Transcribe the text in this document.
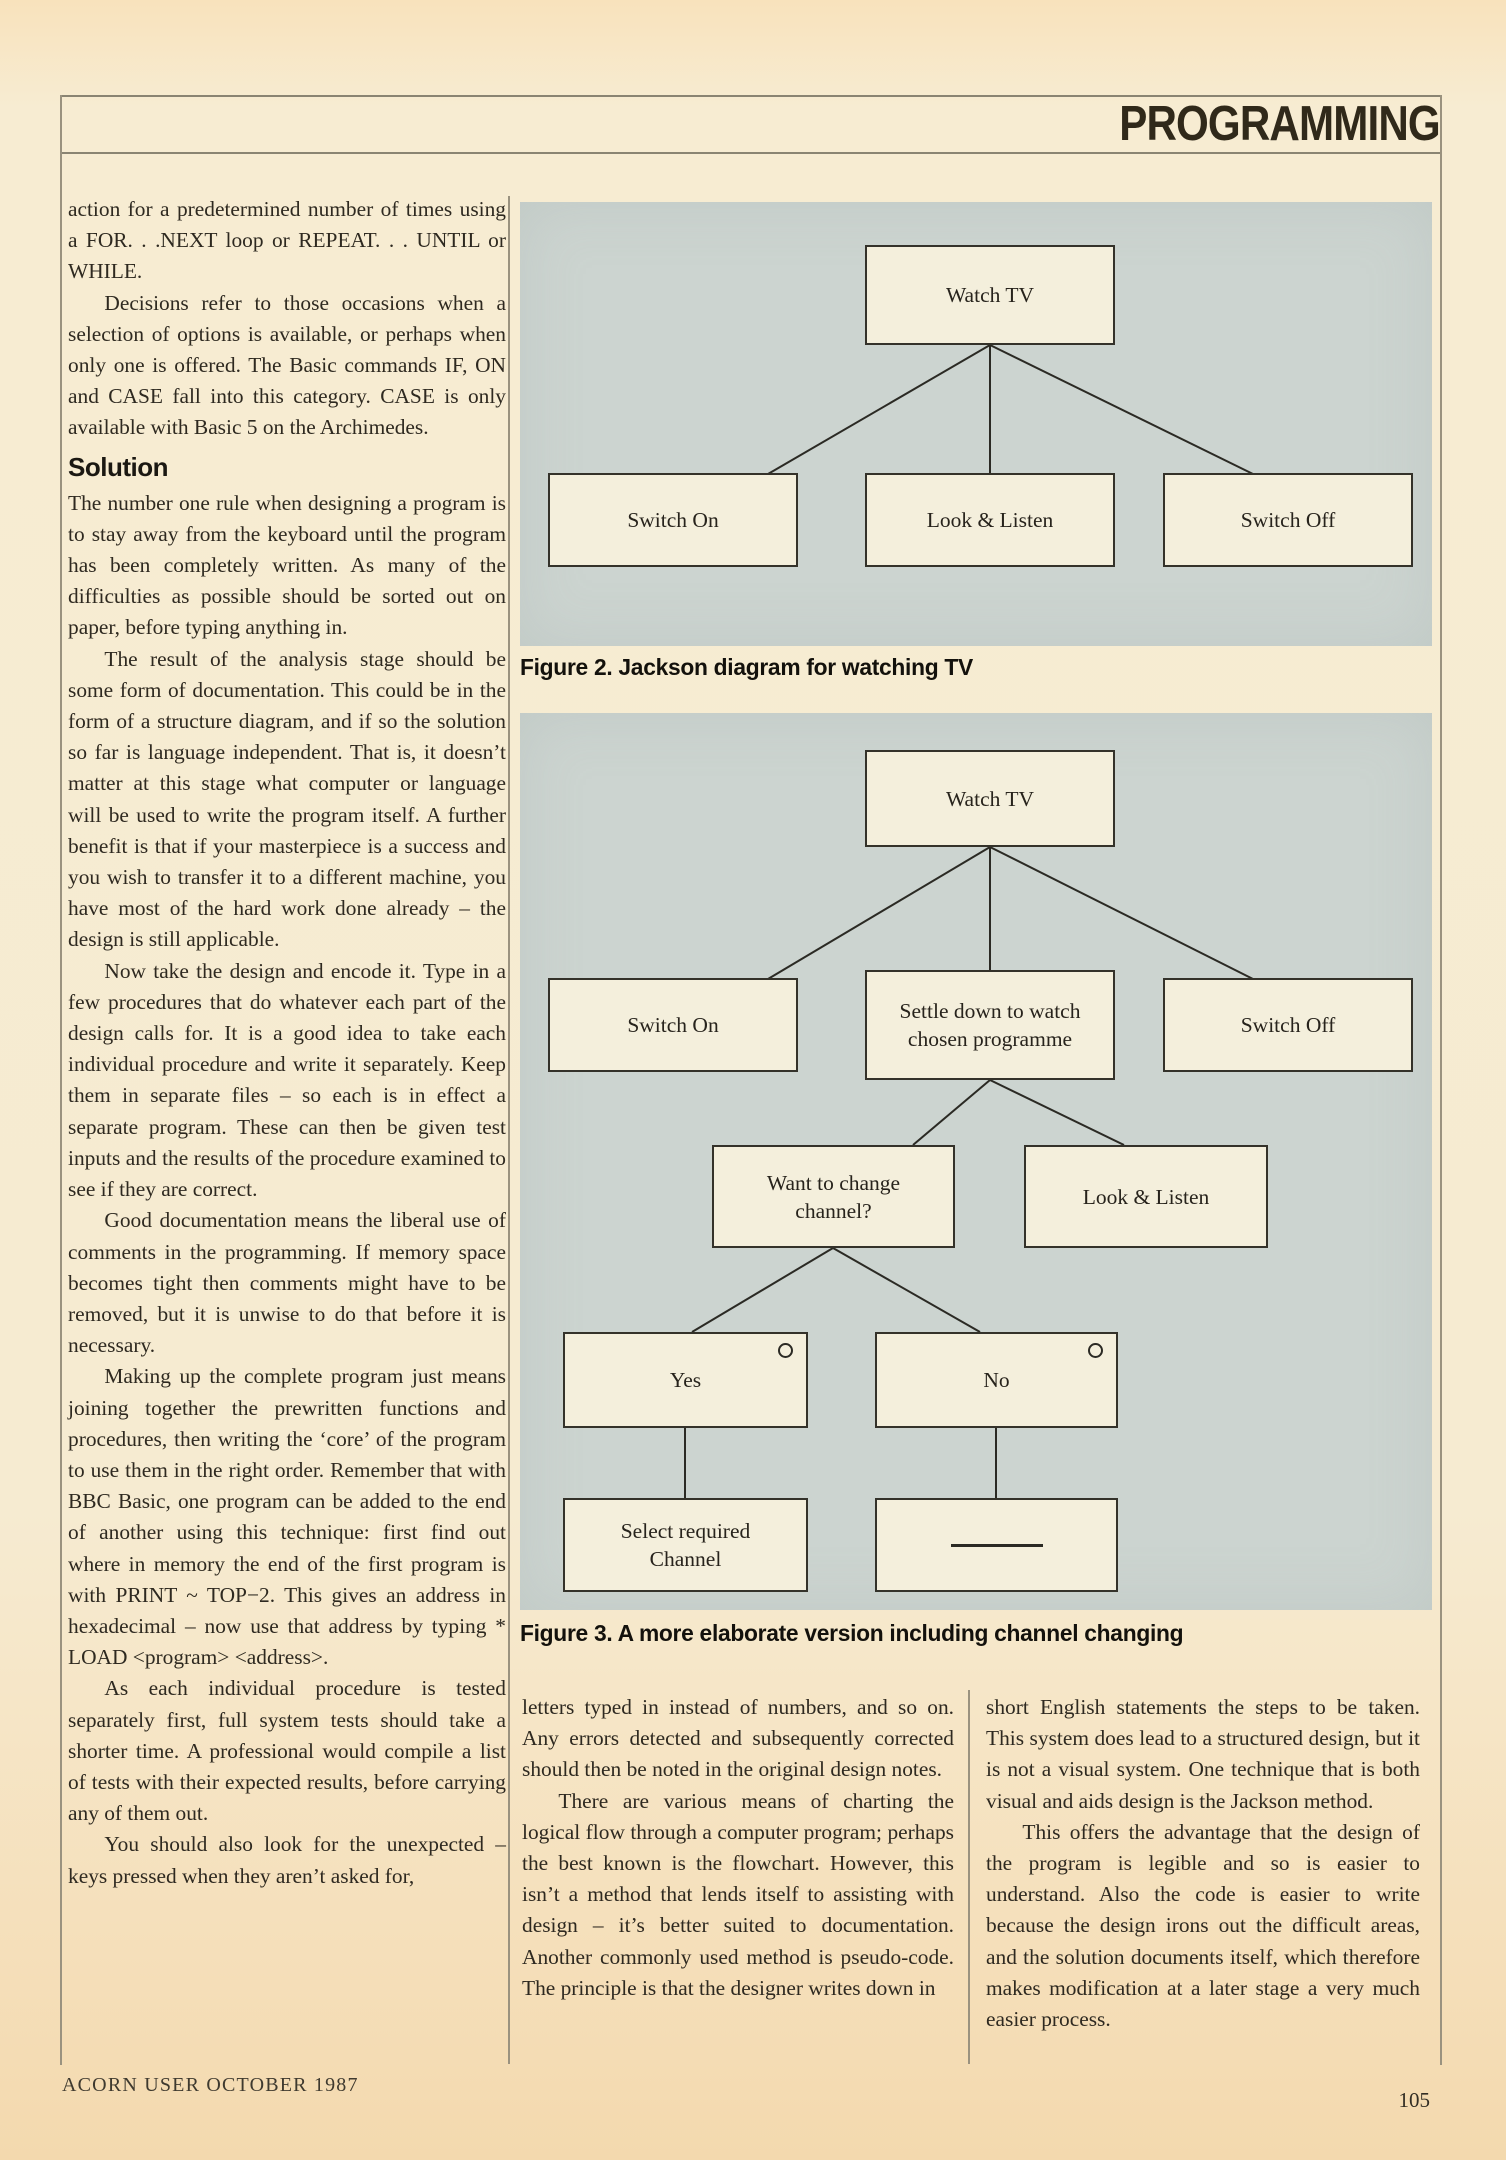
PROGRAMMING

action for a predetermined number of times using a FOR. . .NEXT loop or REPEAT. . . UNTIL or WHILE.

Decisions refer to those occasions when a selection of options is available, or perhaps when only one is offered. The Basic commands IF, ON and CASE fall into this category. CASE is only available with Basic 5 on the Archimedes.

Solution

The number one rule when designing a program is to stay away from the keyboard until the program has been completely written. As many of the difficulties as possible should be sorted out on paper, before typing anything in.

The result of the analysis stage should be some form of documentation. This could be in the form of a structure diagram, and if so the solution so far is language independent. That is, it doesn’t matter at this stage what computer or language will be used to write the program itself. A further benefit is that if your masterpiece is a success and you wish to transfer it to a different machine, you have most of the hard work done already – the design is still applicable.

Now take the design and encode it. Type in a few procedures that do whatever each part of the design calls for. It is a good idea to take each individual procedure and write it separately. Keep them in separate files – so each is in effect a separate program. These can then be given test inputs and the results of the procedure examined to see if they are correct.

Good documentation means the liberal use of comments in the programming. If memory space becomes tight then comments might have to be removed, but it is unwise to do that before it is necessary.

Making up the complete program just means joining together the prewritten functions and procedures, then writing the ‘core’ of the program to use them in the right order. Remember that with BBC Basic, one program can be added to the end of another using this technique: first find out where in memory the end of the first program is with PRINT ~ TOP−2. This gives an address in hexadecimal – now use that address by typing * LOAD <program> <address>.

As each individual procedure is tested separately first, full system tests should take a shorter time. A professional would compile a list of tests with their expected results, before carrying any of them out.

You should also look for the unexpected – keys pressed when they aren’t asked for,

Watch TV
Switch On	Look & Listen	Switch Off
Figure 2. Jackson diagram for watching TV
Watch TV
Switch On
Settle down to watch chosen programme
Switch Off
Want to change channel?
Look & Listen
Yes	No
Select required Channel
Figure 3. A more elaborate version including channel changing

letters typed in instead of numbers, and so on. Any errors detected and subsequently corrected should then be noted in the original design notes.

There are various means of charting the logical flow through a computer program; perhaps the best known is the flowchart. However, this isn’t a method that lends itself to assisting with design – it’s better suited to documentation. Another commonly used method is pseudo-code. The principle is that the designer writes down in

short English statements the steps to be taken. This system does lead to a structured design, but it is not a visual system. One technique that is both visual and aids design is the Jackson method.

This offers the advantage that the design of the program is legible and so is easier to understand. Also the code is easier to write because the design irons out the difficult areas, and the solution documents itself, which therefore makes modification at a later stage a very much easier process.

ACORN USER OCTOBER 1987
105
